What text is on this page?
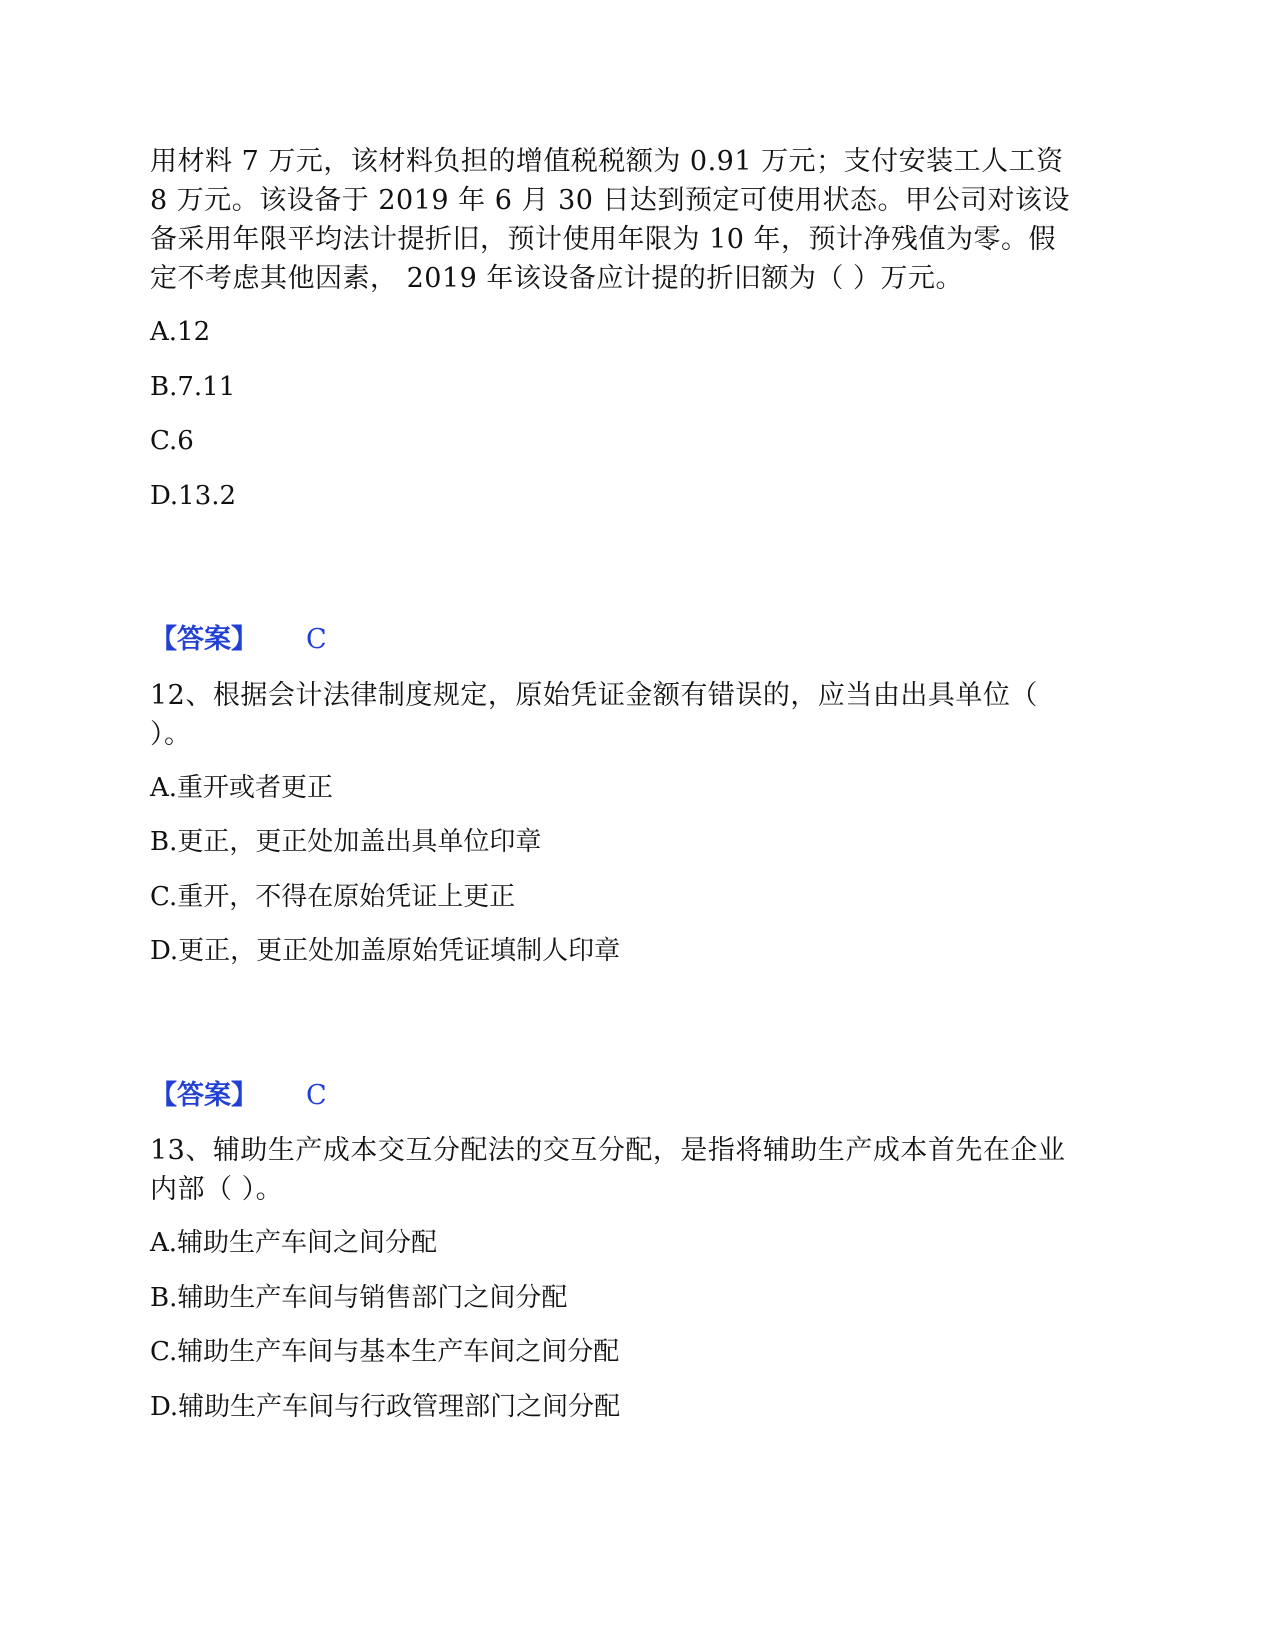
用材料 7 万元，该材料负担的增值税税额为 0.91 万元；支付安装工人工资
8 万元。该设备于 2019 年 6 月 30 日达到预定可使用状态。甲公司对该设
备采用年限平均法计提折旧，预计使用年限为 10 年，预计净残值为零。假
定不考虑其他因素， 2019 年该设备应计提的折旧额为（ ）万元。
A.12
B.7.11
C.6
D.13.2
【答案】 C
12、根据会计法律制度规定，原始凭证金额有错误的，应当由出具单位（
）。
A.重开或者更正
B.更正，更正处加盖出具单位印章
C.重开，不得在原始凭证上更正
D.更正，更正处加盖原始凭证填制人印章
【答案】 C
13、辅助生产成本交互分配法的交互分配，是指将辅助生产成本首先在企业
内部（ ）。
A.辅助生产车间之间分配
B.辅助生产车间与销售部门之间分配
C.辅助生产车间与基本生产车间之间分配
D.辅助生产车间与行政管理部门之间分配
